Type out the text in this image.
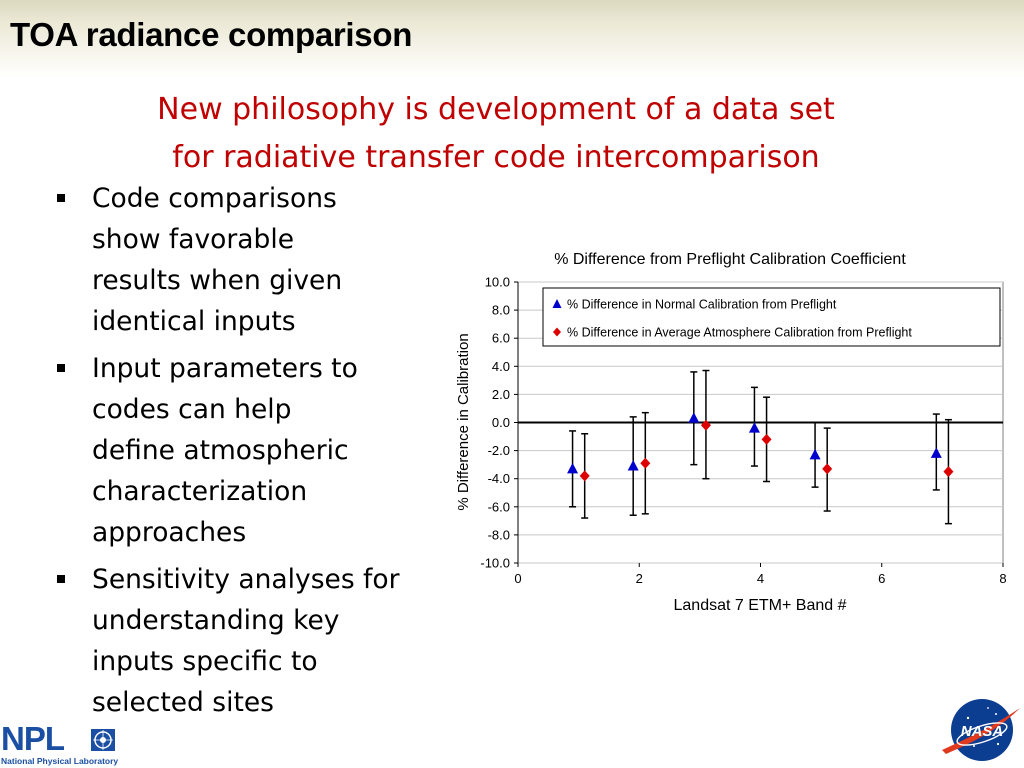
TOA radiance comparison
New philosophy is development of a data set
for radiative transfer code intercomparison
Code comparisons
show favorable
results when given
identical inputs
Input parameters to
codes can help
define atmospheric
characterization
approaches
Sensitivity analyses for
understanding key
inputs specific to
selected sites
% Difference from Preflight Calibration Coefficient
10.0
8.0
6.0
4.0
2.0
0.0
-2.0
-4.0
-6.0
-8.0
-10.0
0	2	4	6	8
% Difference in Normal Calibration from Preflight
% Difference in Average Atmosphere Calibration from Preflight
% Difference in Calibration
Landsat 7 ETM+ Band #
NPL
National Physical Laboratory
NASA
